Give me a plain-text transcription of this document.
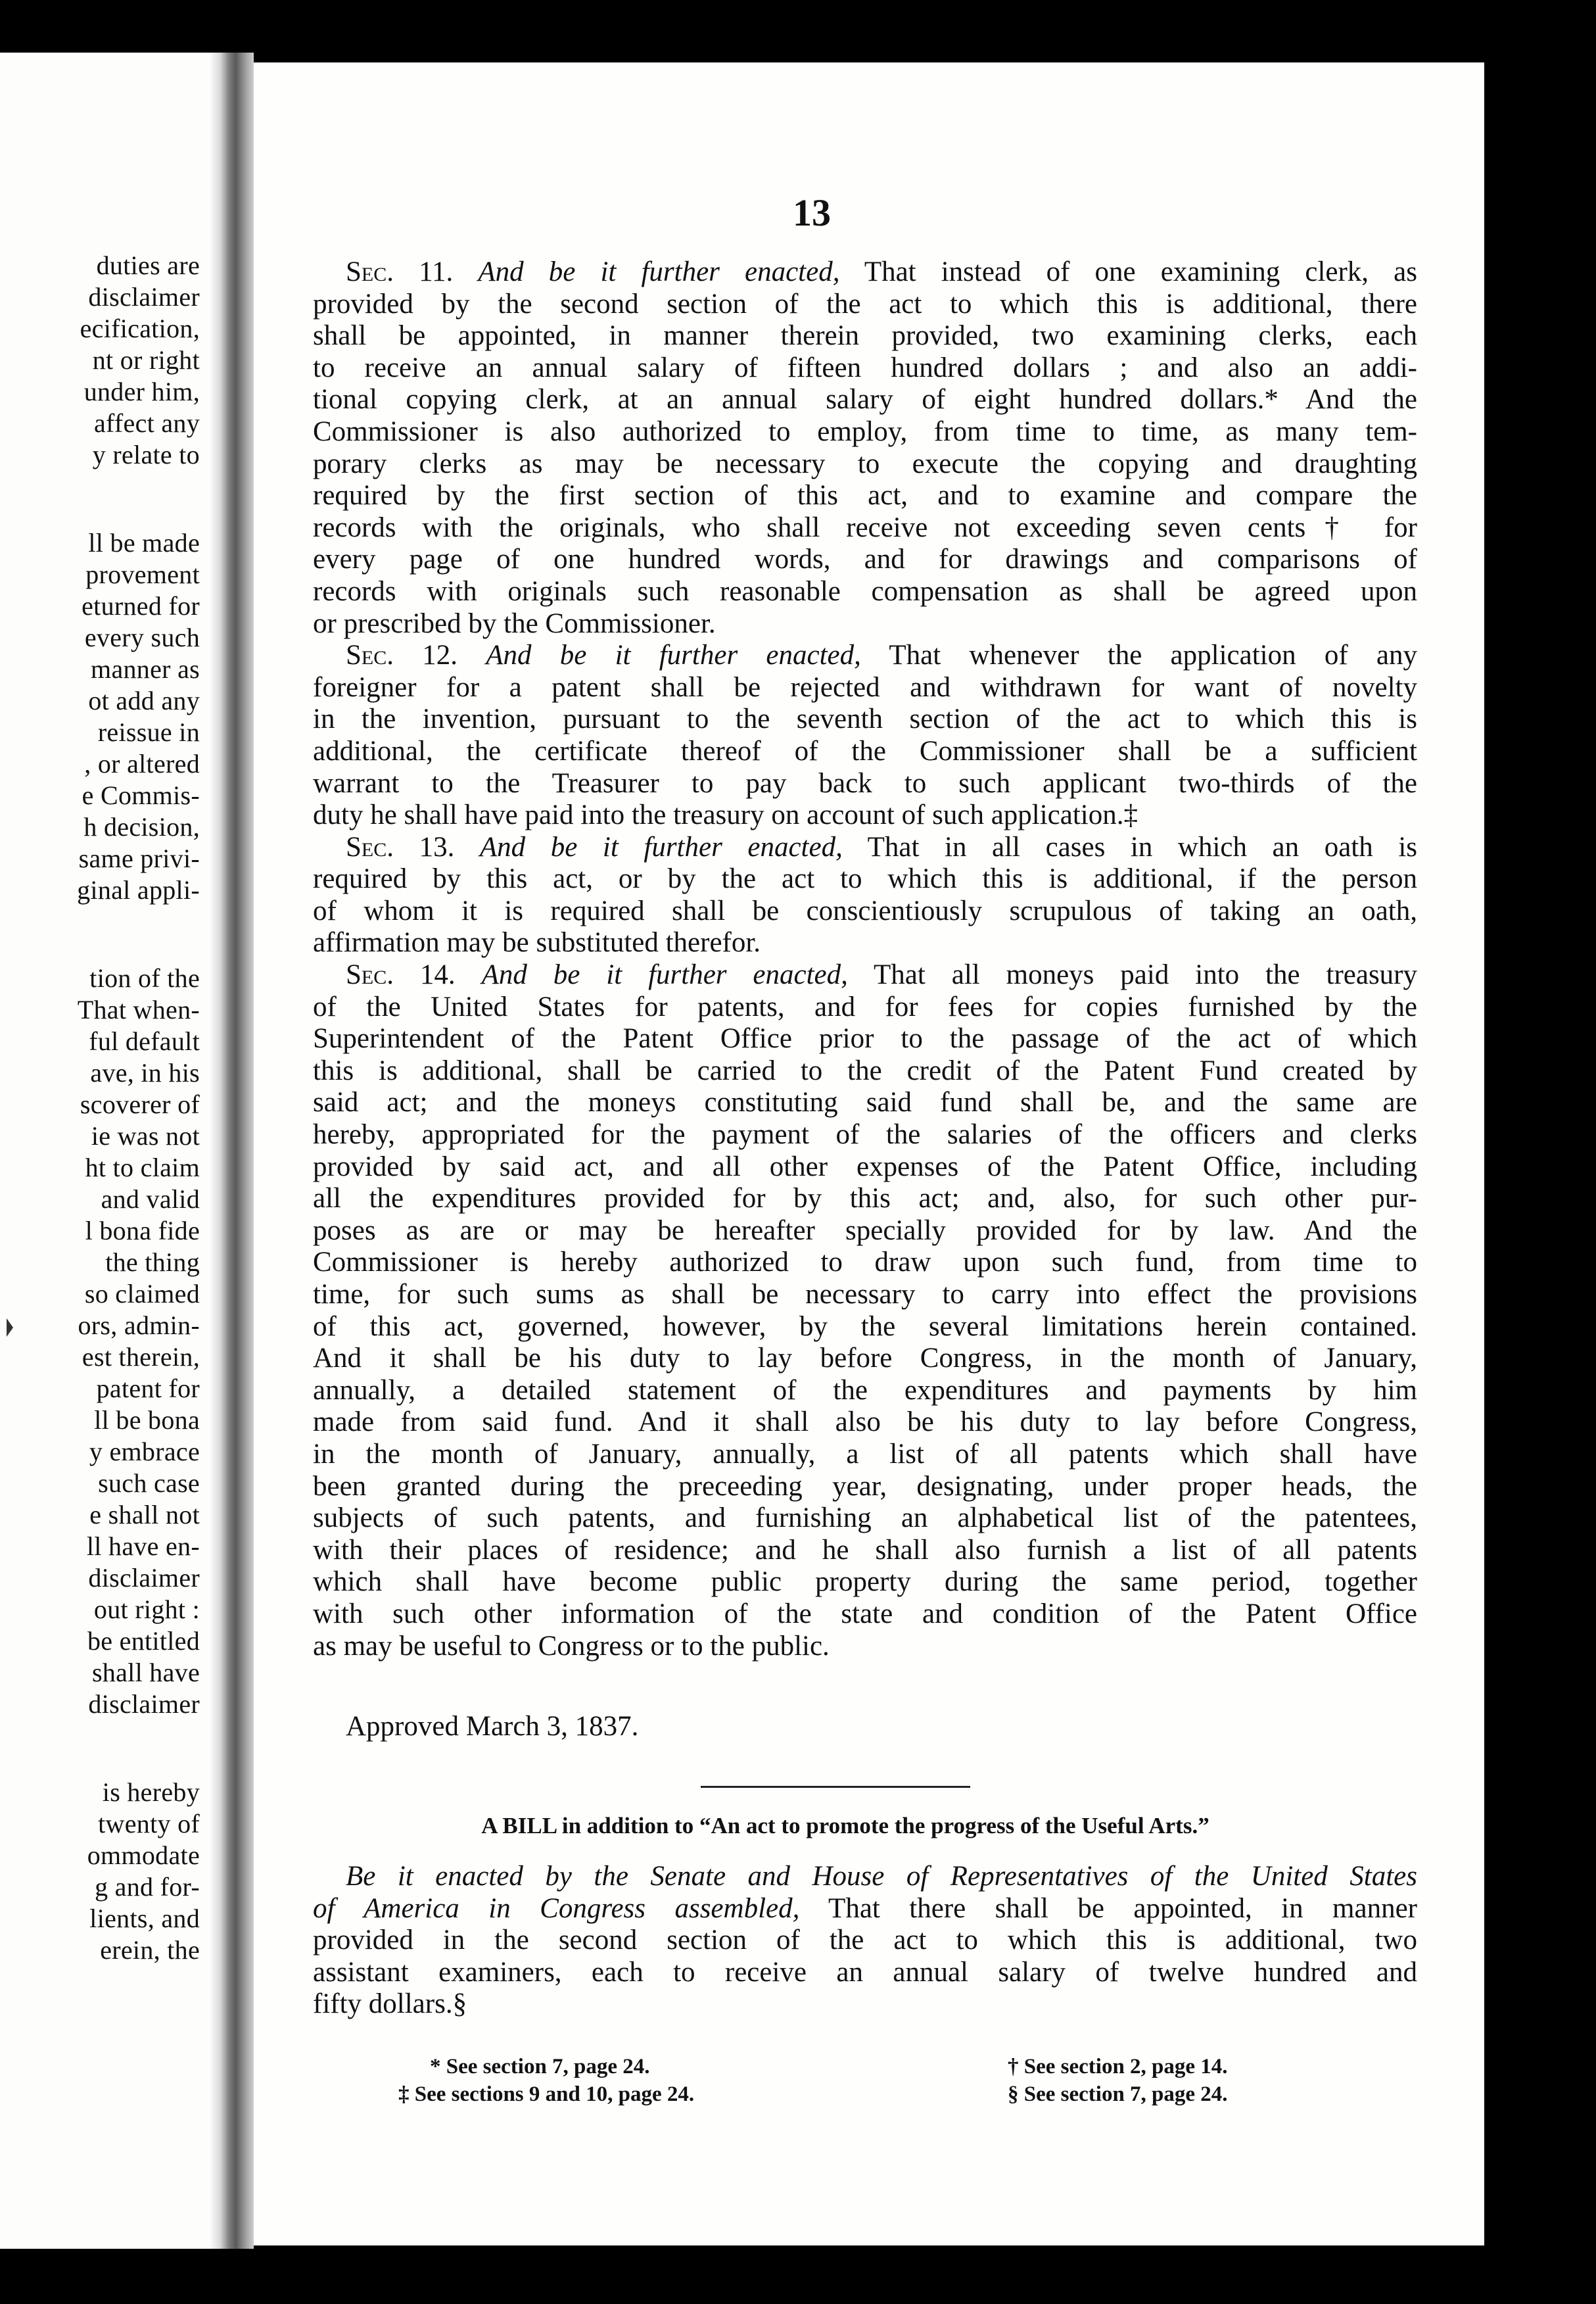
duties are
disclaimer
ecification,
nt or right
under him,
affect any
y relate to
ll be made
provement
eturned for
every such
manner as
ot add any
reissue in
, or altered
e Commis-
h decision,
same privi-
ginal appli-
tion of the
That when-
ful default
ave, in his
scoverer of
ie was not
ht to claim
and valid
l bona fide
the thing
so claimed
ors, admin-
est therein,
patent for
ll be bona
y embrace
such case
e shall not
ll have en-
disclaimer
out right :
be entitled
shall have
disclaimer
is hereby
twenty of
ommodate
g and for-
lients, and
erein, the
13
Sec. 11. And be it further enacted, That instead of one examining clerk, as
provided by the second section of the act to which this is additional, there
shall be appointed, in manner therein provided, two examining clerks, each
to receive an annual salary of fifteen hundred dollars ; and also an addi-
tional copying clerk, at an annual salary of eight hundred dollars.* And the
Commissioner is also authorized to employ, from time to time, as many tem-
porary clerks as may be necessary to execute the copying and draughting
required by the first section of this act, and to examine and compare the
records with the originals, who shall receive not exceeding seven cents† for
every page of one hundred words, and for drawings and comparisons of
records with originals such reasonable compensation as shall be agreed upon
or prescribed by the Commissioner.
Sec. 12. And be it further enacted, That whenever the application of any
foreigner for a patent shall be rejected and withdrawn for want of novelty
in the invention, pursuant to the seventh section of the act to which this is
additional, the certificate thereof of the Commissioner shall be a sufficient
warrant to the Treasurer to pay back to such applicant two-thirds of the
duty he shall have paid into the treasury on account of such application.‡
Sec. 13. And be it further enacted, That in all cases in which an oath is
required by this act, or by the act to which this is additional, if the person
of whom it is required shall be conscientiously scrupulous of taking an oath,
affirmation may be substituted therefor.
Sec. 14. And be it further enacted, That all moneys paid into the treasury
of the United States for patents, and for fees for copies furnished by the
Superintendent of the Patent Office prior to the passage of the act of which
this is additional, shall be carried to the credit of the Patent Fund created by
said act; and the moneys constituting said fund shall be, and the same are
hereby, appropriated for the payment of the salaries of the officers and clerks
provided by said act, and all other expenses of the Patent Office, including
all the expenditures provided for by this act; and, also, for such other pur-
poses as are or may be hereafter specially provided for by law. And the
Commissioner is hereby authorized to draw upon such fund, from time to
time, for such sums as shall be necessary to carry into effect the provisions
of this act, governed, however, by the several limitations herein contained.
And it shall be his duty to lay before Congress, in the month of January,
annually, a detailed statement of the expenditures and payments by him
made from said fund. And it shall also be his duty to lay before Congress,
in the month of January, annually, a list of all patents which shall have
been granted during the preceeding year, designating, under proper heads, the
subjects of such patents, and furnishing an alphabetical list of the patentees,
with their places of residence; and he shall also furnish a list of all patents
which shall have become public property during the same period, together
with such other information of the state and condition of the Patent Office
as may be useful to Congress or to the public.
Approved March 3, 1837.
A BILL in addition to “An act to promote the progress of the Useful Arts.”
Be it enacted by the Senate and House of Representatives of the United States
of America in Congress assembled, That there shall be appointed, in manner
provided in the second section of the act to which this is additional, two
assistant examiners, each to receive an annual salary of twelve hundred and
fifty dollars.§
* See section 7, page 24.	† See section 2, page 14.
‡ See sections 9 and 10, page 24.	§ See section 7, page 24.
